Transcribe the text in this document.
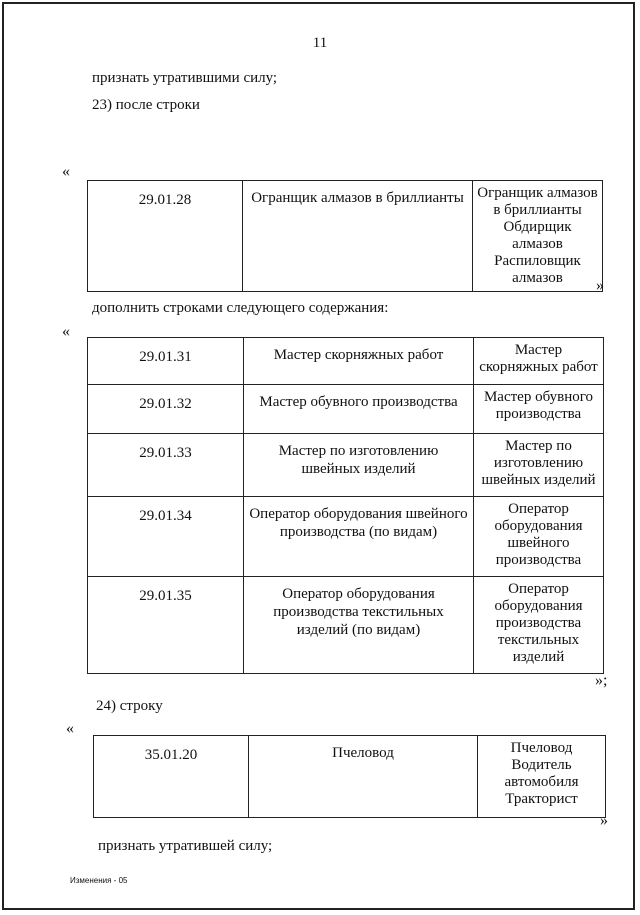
11
признать утратившими силу;
23) после строки
«
29.01.28	Огранщик алмазов в бриллианты	Огранщик алмазов в бриллианты Обдирщик алмазов Распиловщик алмазов »
дополнить строками следующего содержания:
«
29.01.31	Мастер скорняжных работ	Мастер скорняжных работ
29.01.32	Мастер обувного производства	Мастер обувного производства
29.01.33	Мастер по изготовлению швейных изделий	Мастер по изготовлению швейных изделий
29.01.34	Оператор оборудования швейного производства (по видам)	Оператор оборудования швейного производства
29.01.35	Оператор оборудования производства текстильных изделий (по видам)	Оператор оборудования производства текстильных изделий
»;
24) строку
«
35.01.20	Пчеловод	Пчеловод Водитель автомобиля Тракторист
»
признать утратившей силу;
Изменения - 05
